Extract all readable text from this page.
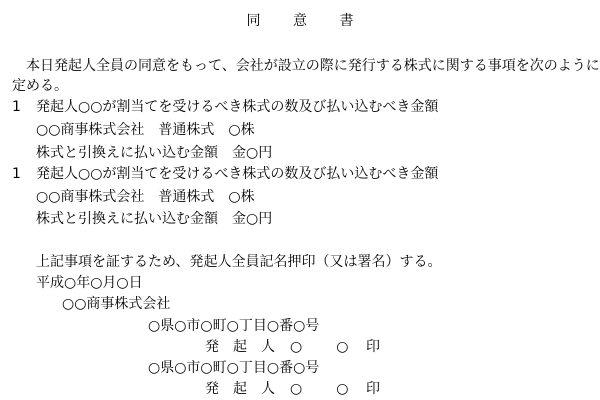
同 意 書
　本日発起人全員の同意をもって、会社が設立の際に発行する株式に関する事項を次のように
定める。
1 発起人○○が割当てを受けるべき株式の数及び払い込むべき金額
○○商事株式会社　普通株式　○株
株式と引換えに払い込む金額　金○円
1 発起人○○が割当てを受けるべき株式の数及び払い込むべき金額
○○商事株式会社　普通株式　○株
株式と引換えに払い込む金額　金○円
上記事項を証するため、発起人全員記名押印（又は署名）する。
平成○年○月○日
○○商事株式会社
○県○市○町○丁目○番○号
発起人 ○　○ 印
○県○市○町○丁目○番○号
発起人 ○　○ 印
